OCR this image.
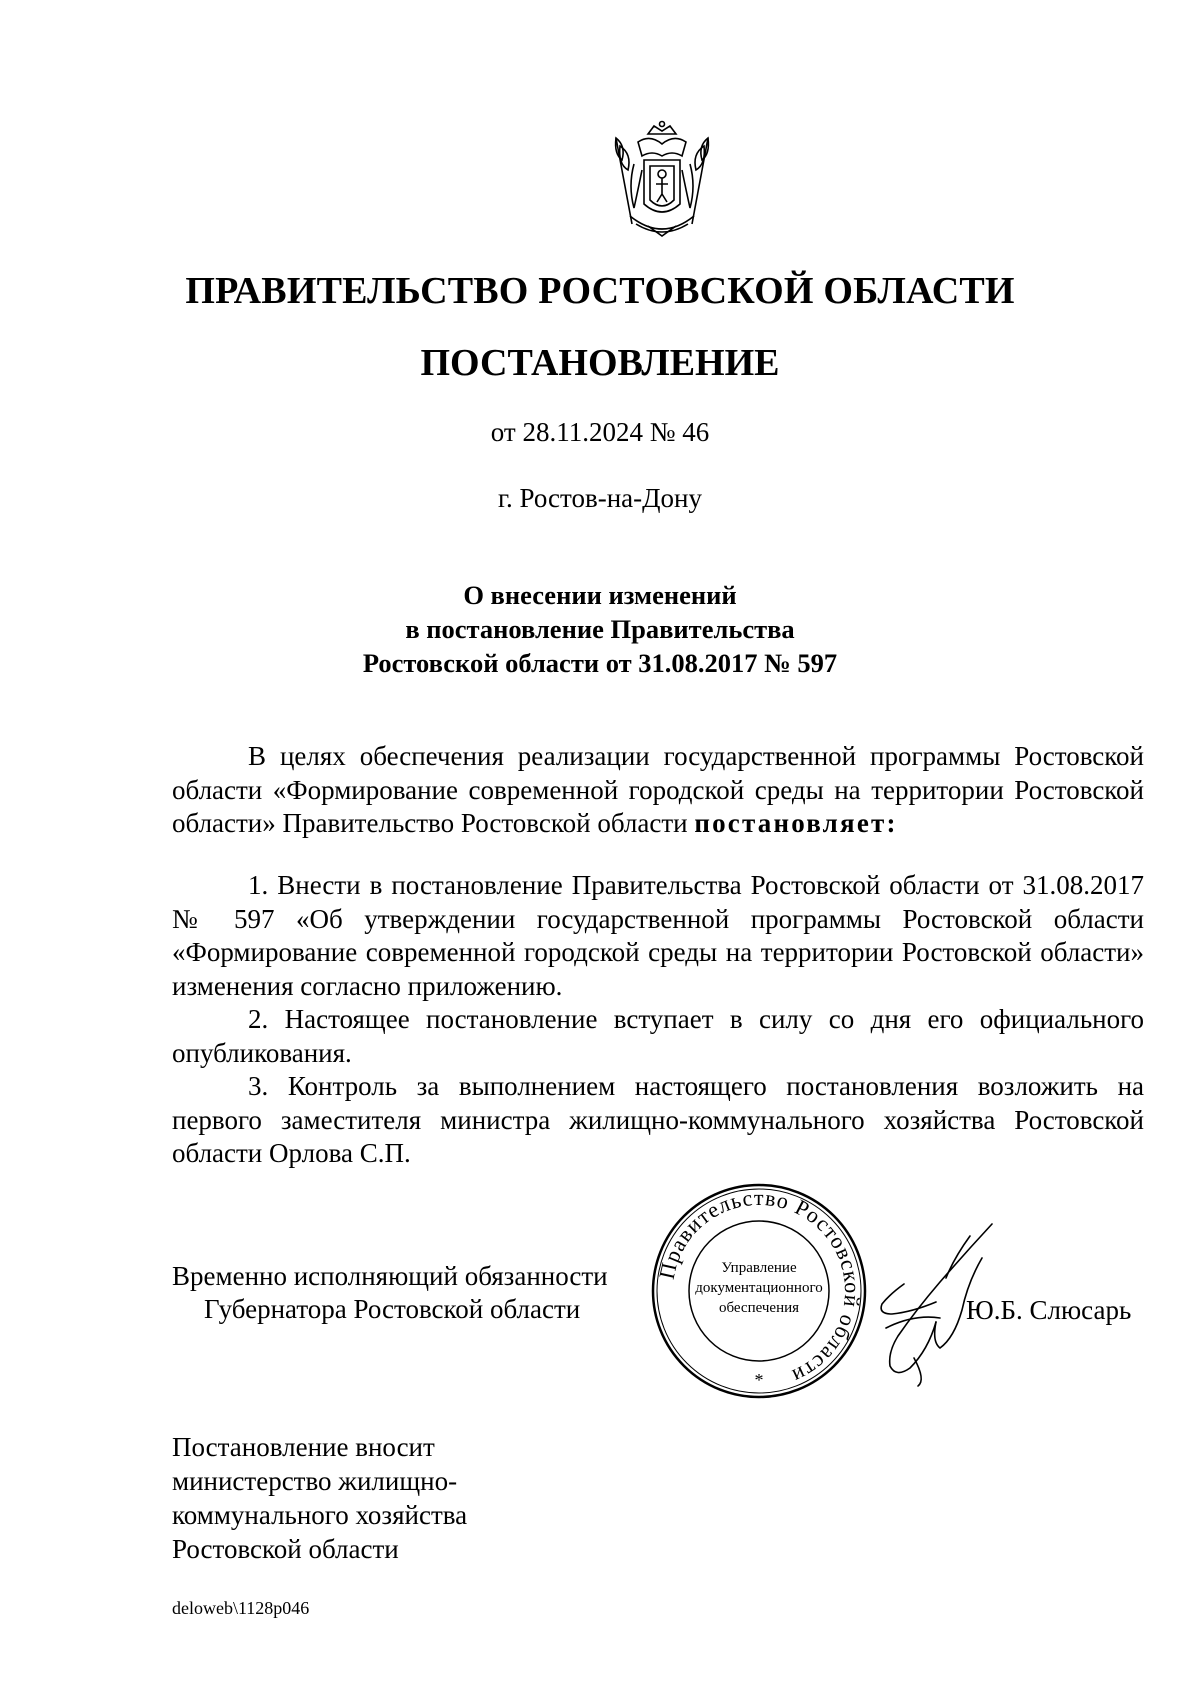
ПРАВИТЕЛЬСТВО РОСТОВСКОЙ ОБЛАСТИ
ПОСТАНОВЛЕНИЕ
от 28.11.2024 № 46
г. Ростов-на-Дону
О внесении изменений
в постановление Правительства
Ростовской области от 31.08.2017 № 597

В целях обеспечения реализации государственной программы Ростовской области «Формирование современной городской среды на территории Ростовской области» Правительство Ростовской области постановляет:

1. Внести в постановление Правительства Ростовской области от 31.08.2017 № 597 «Об утверждении государственной программы Ростовской области «Формирование современной городской среды на территории Ростовской области» изменения согласно приложению.

2. Настоящее постановление вступает в силу со дня его официального опубликования.

3. Контроль за выполнением настоящего постановления возложить на первого заместителя министра жилищно-коммунального хозяйства Ростовской области Орлова С.П.

Правительство Ростовской области
Управление
документационного
обеспечения
*
Временно исполняющий обязанности
Губернатора Ростовской области	Ю.Б. Слюсарь
Постановление вносит
министерство жилищно-
коммунального хозяйства
Ростовской области
deloweb\1128p046
